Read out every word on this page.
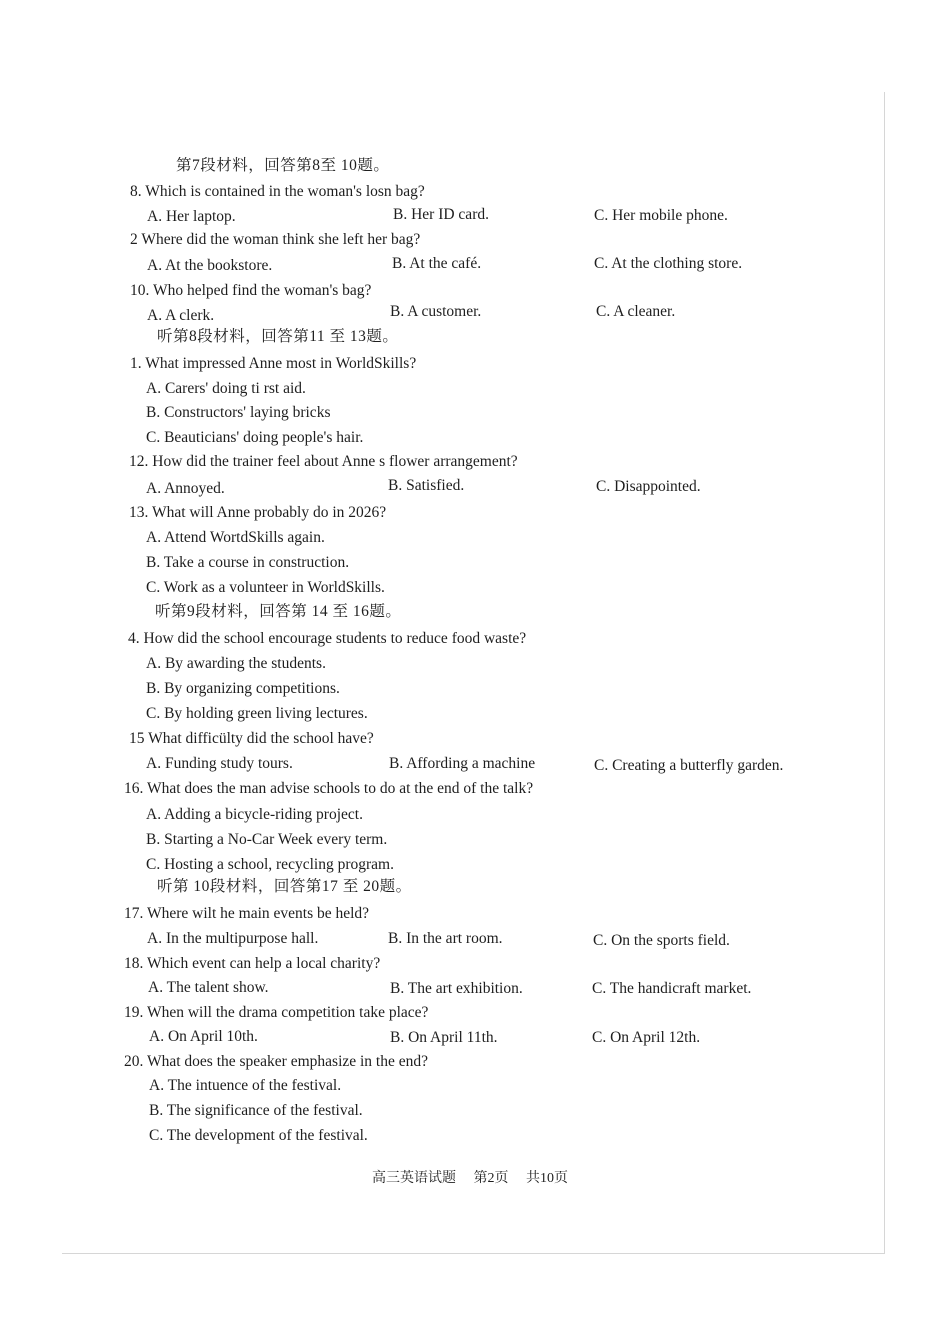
第7段材料，回答第8至 10题。
8. Which is contained in the woman's losn bag?
A. Her laptop.	B. Her ID card.	C. Her mobile phone.
2 Where did the woman think she left her bag?
A. At the bookstore.	B. At the café.	C. At the clothing store.
10. Who helped find the woman's bag?
A. A clerk.	B. A customer.	C. A cleaner.
听第8段材料，回答第11 至 13题。
1. What impressed Anne most in WorldSkills?
A. Carers' doing ti rst aid.
B. Constructors' laying bricks
C. Beauticians' doing people's hair.
12. How did the trainer feel about Anne s flower arrangement?
A. Annoyed.	B. Satisfied.	C. Disappointed.
13. What will Anne probably do in 2026?
A. Attend WortdSkills again.
B. Take a course in construction.
C. Work as a volunteer in WorldSkills.
听第9段材料，回答第 14 至 16题。
4. How did the school encourage students to reduce food waste?
A. By awarding the students.
B. By organizing competitions.
C. By holding green living lectures.
15 What difficülty did the school have?
A. Funding study tours.	B. Affording a machine	C. Creating a butterfly garden.
16. What does the man advise schools to do at the end of the talk?
A. Adding a bicycle-riding project.
B. Starting a No-Car Week every term.
C. Hosting a school, recycling program.
听第 10段材料，回答第17 至 20题。
17. Where wilt he main events be held?
A. In the multipurpose hall.	B. In the art room.	C. On the sports field.
18. Which event can help a local charity?
A. The talent show.	B. The art exhibition.	C. The handicraft market.
19. When will the drama competition take place?
A. On April 10th.	B. On April 11th.	C. On April 12th.
20. What does the speaker emphasize in the end?
A. The intuence of the festival.
B. The significance of the festival.
C. The development of the festival.
高三英语试题 第2页 共10页
